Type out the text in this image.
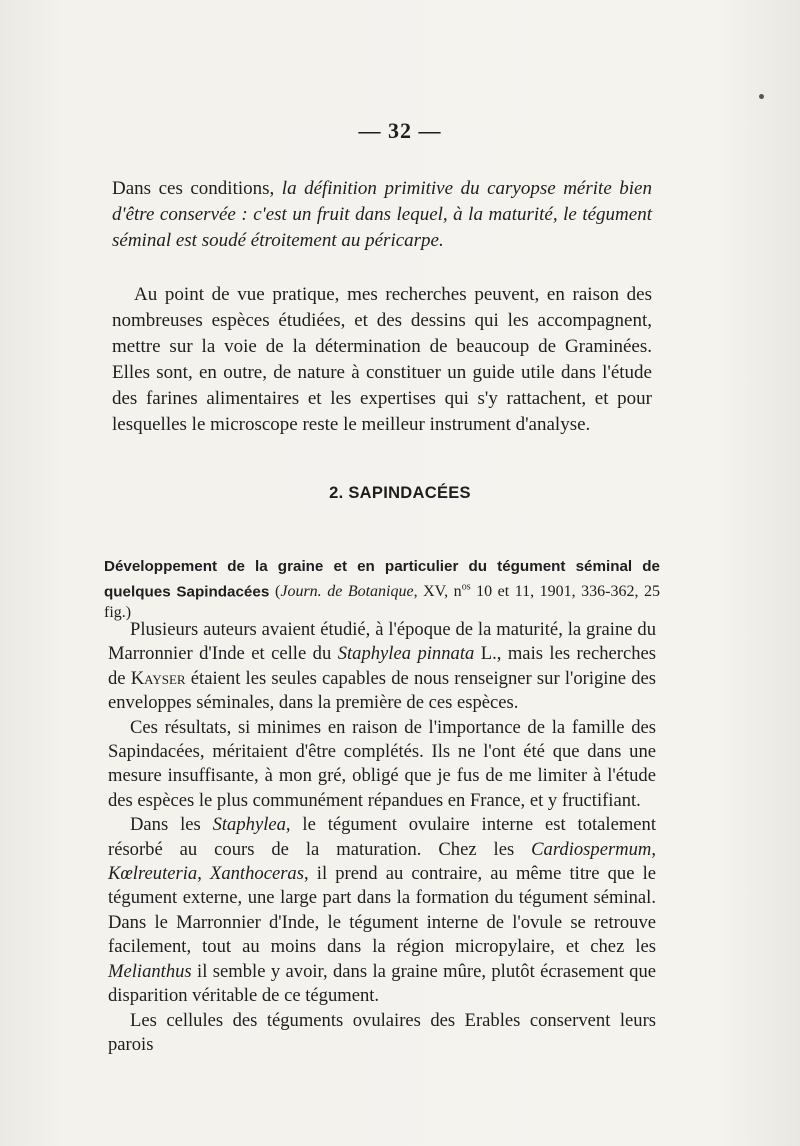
— 32 —

Dans ces conditions, la définition primitive du caryopse mérite bien d'être conservée : c'est un fruit dans lequel, à la maturité, le tégument séminal est soudé étroitement au péricarpe.

Au point de vue pratique, mes recherches peuvent, en raison des nombreuses espèces étudiées, et des dessins qui les accompagnent, mettre sur la voie de la détermination de beaucoup de Graminées. Elles sont, en outre, de nature à constituer un guide utile dans l'étude des farines alimentaires et les expertises qui s'y rattachent, et pour lesquelles le microscope reste le meilleur instrument d'analyse.

2. SAPINDACÉES
Développement de la graine et en particulier du tégument séminal de quelques Sapindacées (Journ. de Botanique, XV, $n^{os}$ 10 et 11, 1901, 336-362, 25 fig.)

Plusieurs auteurs avaient étudié, à l'époque de la maturité, la graine du Marronnier d'Inde et celle du Staphylea pinnata L., mais les recherches de Kayser étaient les seules capables de nous renseigner sur l'origine des enveloppes séminales, dans la première de ces espèces.

Ces résultats, si minimes en raison de l'importance de la famille des Sapindacées, méritaient d'être complétés. Ils ne l'ont été que dans une mesure insuffisante, à mon gré, obligé que je fus de me limiter à l'étude des espèces le plus communément répandues en France, et y fructifiant.

Dans les Staphylea, le tégument ovulaire interne est totalement résorbé au cours de la maturation. Chez les Cardiospermum, Kœlreuteria, Xanthoceras, il prend au contraire, au même titre que le tégument externe, une large part dans la formation du tégument séminal. Dans le Marronnier d'Inde, le tégument interne de l'ovule se retrouve facilement, tout au moins dans la région micropylaire, et chez les Melianthus il semble y avoir, dans la graine mûre, plutôt écrasement que disparition véritable de ce tégument.

Les cellules des téguments ovulaires des Erables conservent leurs parois
